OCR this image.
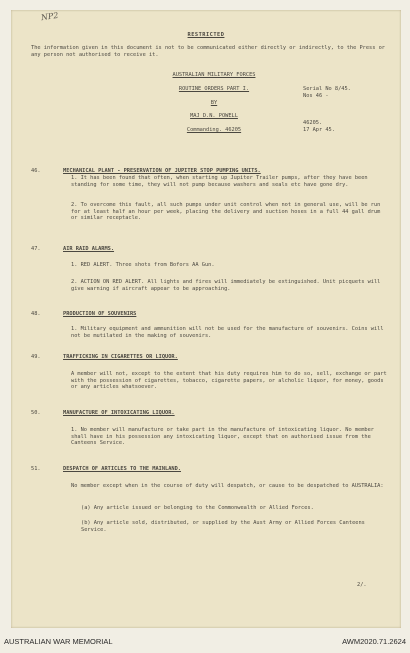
NP2
RESTRICTED
The information given in this document is not to be communicated either directly or indirectly, to the Press or any person not authorised to receive it.
AUSTRALIAN MILITARY FORCES
ROUTINE ORDERS PART I.	Serial No 8/45.
Nos 46 -
BY
MAJ D.N. POWELL
Commanding. 46205
46205.
17 Apr 45.
46.	MECHANICAL PLANT - PRESERVATION OF JUPITER STOP PUMPING UNITS.
1. It has been found that often, when starting up Jupiter Trailer pumps, after they have been standing for some time, they will not pump because washers and seals etc have gone dry.
2. To overcome this fault, all such pumps under unit control when not in general use, will be run for at least half an hour per week, placing the delivery and suction hoses in a full 44 gall drum or similar receptacle.
47.	AIR RAID ALARMS.
1. RED ALERT. Three shots from Bofors AA Gun.
2. ACTION ON RED ALERT. All lights and fires will immediately be extinguished. Unit picquets will give warning if aircraft appear to be approaching.
48.	PRODUCTION OF SOUVENIRS
1. Military equipment and ammunition will not be used for the manufacture of souvenirs. Coins will not be mutilated in the making of souvenirs.
49.	TRAFFICKING IN CIGARETTES OR LIQUOR.
A member will not, except to the extent that his duty requires him to do so, sell, exchange or part with the possession of cigarettes, tobacco, cigarette papers, or alcholic liquor, for money, goods or any articles whatsoever.
50.	MANUFACTURE OF INTOXICATING LIQUOR.
1. No member will manufacture or take part in the manufacture of intoxicating liquor. No member shall have in his possession any intoxicating liquor, except that on authorised issue from the Canteens Service.
51.	DESPATCH OF ARTICLES TO THE MAINLAND.
No member except when in the course of duty will despatch, or cause to be despatched to AUSTRALIA:
(a) Any article issued or belonging to the Commonwealth or Allied Forces.
(b) Any article sold, distributed, or supplied by the Aust Army or Allied Forces Canteens Service.
2/.
AUSTRALIAN WAR MEMORIAL	AWM2020.71.2624
